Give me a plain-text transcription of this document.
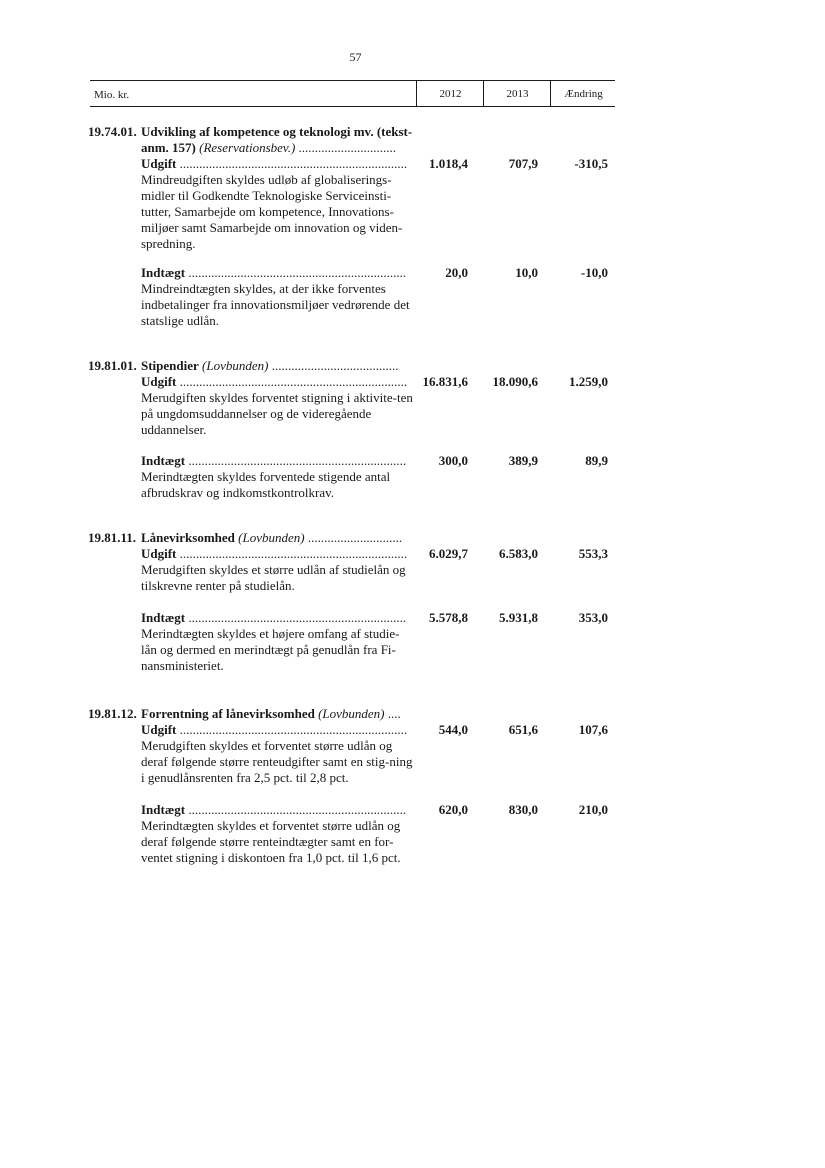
57
Mio. kr.	2012	2013	Ændring
19.74.01. Udvikling af kompetence og teknologi mv. (tekst-
anm. 157) (Reservationsbev.) ..............................
Udgift ......................................................................	1.018,4	707,9	-310,5
Mindreudgiften skyldes udløb af globaliserings-midler til Godkendte Teknologiske Serviceinsti-tutter, Samarbejde om kompetence, Innovations-miljøer samt Samarbejde om innovation og viden-spredning.
Indtægt ...................................................................	20,0	10,0	-10,0
Mindreindtægten skyldes, at der ikke forventes indbetalinger fra innovationsmiljøer vedrørende det statslige udlån.
19.81.01. Stipendier (Lovbunden) .......................................
Udgift ......................................................................	16.831,6	18.090,6	1.259,0
Merudgiften skyldes forventet stigning i aktivite-ten på ungdomsuddannelser og de videregående uddannelser.
Indtægt ...................................................................	300,0	389,9	89,9
Merindtægten skyldes forventede stigende antal afbrudskrav og indkomstkontrolkrav.
19.81.11. Lånevirksomhed (Lovbunden) .............................
Udgift ......................................................................	6.029,7	6.583,0	553,3
Merudgiften skyldes et større udlån af studielån og tilskrevne renter på studielån.
Indtægt ...................................................................	5.578,8	5.931,8	353,0
Merindtægten skyldes et højere omfang af studie-lån og dermed en merindtægt på genudlån fra Fi-nansministeriet.
19.81.12. Forrentning af lånevirksomhed (Lovbunden) ....
Udgift ......................................................................	544,0	651,6	107,6
Merudgiften skyldes et forventet større udlån og deraf følgende større renteudgifter samt en stig-ning i genudlånsrenten fra 2,5 pct. til 2,8 pct.
Indtægt ...................................................................	620,0	830,0	210,0
Merindtægten skyldes et forventet større udlån og deraf følgende større renteindtægter samt en for-ventet stigning i diskontoen fra 1,0 pct. til 1,6 pct.
